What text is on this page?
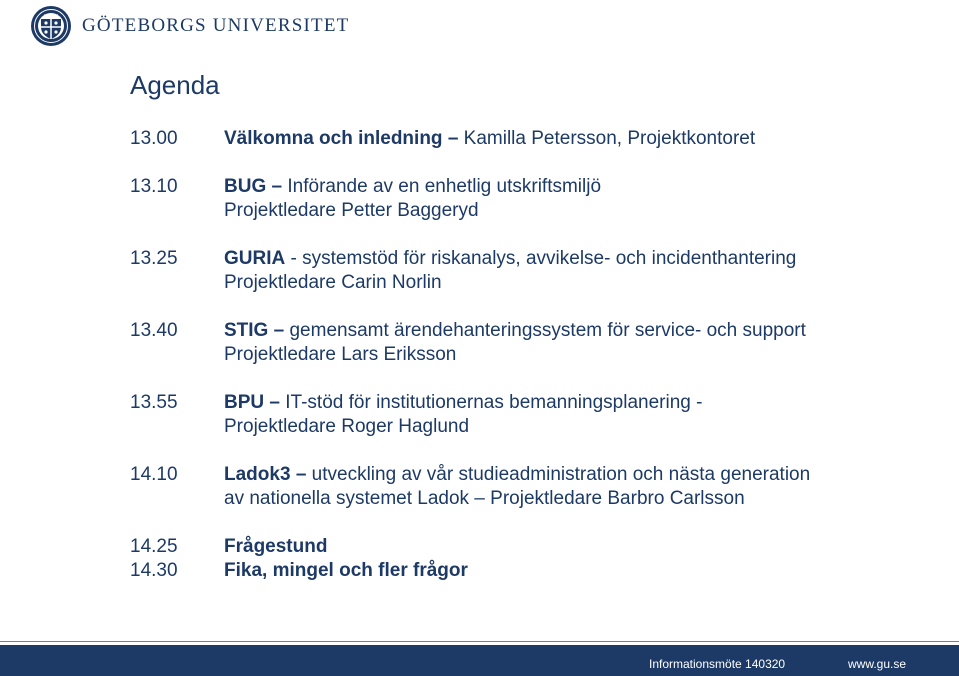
GÖTEBORGS UNIVERSITET
Agenda
13.00	Välkomna och inledning – Kamilla Petersson, Projektkontoret
13.10	BUG – Införande av en enhetlig utskriftsmiljö
Projektledare Petter Baggeryd
13.25	GURIA - systemstöd för riskanalys, avvikelse- och incidenthantering
Projektledare Carin Norlin
13.40	STIG – gemensamt ärendehanteringssystem för service- och support
Projektledare Lars Eriksson
13.55	BPU – IT-stöd för institutionernas bemanningsplanering -
Projektledare Roger Haglund
14.10	Ladok3 – utveckling av vår studieadministration och nästa generation
av nationella systemet Ladok – Projektledare Barbro Carlsson
14.25	Frågestund
14.30	Fika, mingel och fler frågor
Informationsmöte 140320	www.gu.se
